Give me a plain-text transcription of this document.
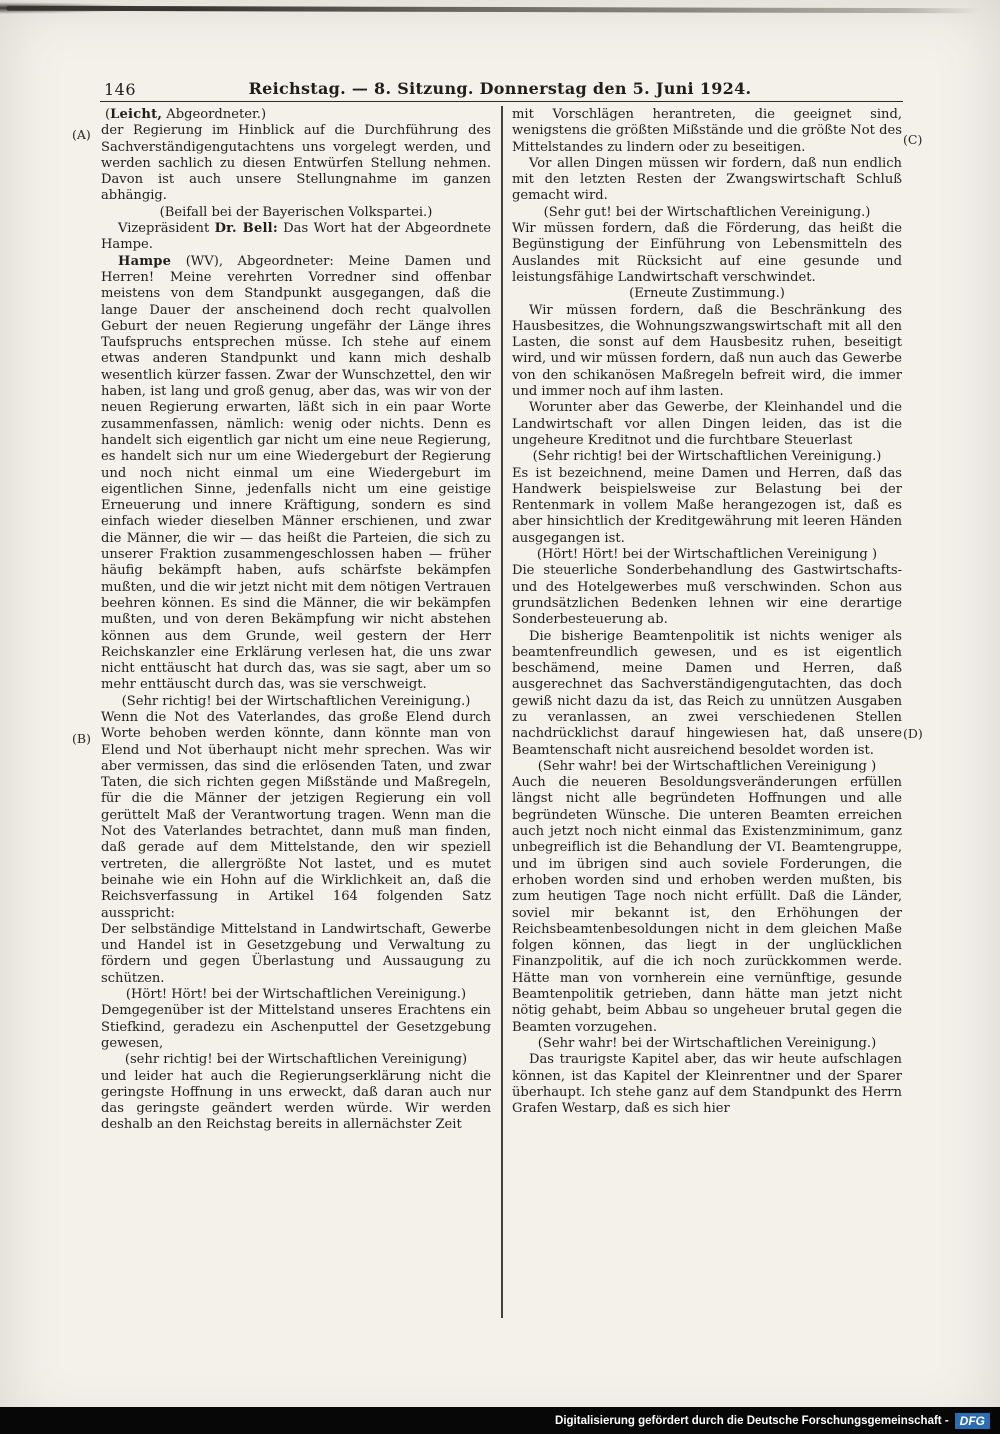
146	Reichstag. — 8. Sitzung. Donnerstag den 5. Juni 1924.
(A)
(B)
(C)
(D)

(Leicht, Abgeordneter.)

der Regierung im Hinblick auf die Durchführung des Sachverständigengutachtens uns vorgelegt werden, und werden sachlich zu diesen Entwürfen Stellung nehmen. Davon ist auch unsere Stellungnahme im ganzen abhängig.

(Beifall bei der Bayerischen Volkspartei.)

Vizepräsident Dr. Bell: Das Wort hat der Abgeordnete Hampe.

Hampe (WV), Abgeordneter: Meine Damen und Herren! Meine verehrten Vorredner sind offenbar meistens von dem Standpunkt ausgegangen, daß die lange Dauer der anscheinend doch recht qualvollen Geburt der neuen Regierung ungefähr der Länge ihres Taufspruchs entsprechen müsse. Ich stehe auf einem etwas anderen Standpunkt und kann mich deshalb wesentlich kürzer fassen. Zwar der Wunschzettel, den wir haben, ist lang und groß genug, aber das, was wir von der neuen Regierung erwarten, läßt sich in ein paar Worte zusammenfassen, nämlich: wenig oder nichts. Denn es handelt sich eigentlich gar nicht um eine neue Regierung, es handelt sich nur um eine Wiedergeburt der Regierung und noch nicht einmal um eine Wiedergeburt im eigentlichen Sinne, jedenfalls nicht um eine geistige Erneuerung und innere Kräftigung, sondern es sind einfach wieder dieselben Männer erschienen, und zwar die Männer, die wir — das heißt die Parteien, die sich zu unserer Fraktion zusammengeschlossen haben — früher häufig bekämpft haben, aufs schärfste bekämpfen mußten, und die wir jetzt nicht mit dem nötigen Vertrauen beehren können. Es sind die Männer, die wir bekämpfen mußten, und von deren Bekämpfung wir nicht abstehen können aus dem Grunde, weil gestern der Herr Reichskanzler eine Erklärung verlesen hat, die uns zwar nicht enttäuscht hat durch das, was sie sagt, aber um so mehr enttäuscht durch das, was sie verschweigt.

(Sehr richtig! bei der Wirtschaftlichen Vereinigung.)

Wenn die Not des Vaterlandes, das große Elend durch Worte behoben werden könnte, dann könnte man von Elend und Not überhaupt nicht mehr sprechen. Was wir aber vermissen, das sind die erlösenden Taten, und zwar Taten, die sich richten gegen Mißstände und Maßregeln, für die die Männer der jetzigen Regierung ein voll gerüttelt Maß der Verantwortung tragen. Wenn man die Not des Vaterlandes betrachtet, dann muß man finden, daß gerade auf dem Mittelstande, den wir speziell vertreten, die allergrößte Not lastet, und es mutet beinahe wie ein Hohn auf die Wirklichkeit an, daß die Reichsverfassung in Artikel 164 folgenden Satz ausspricht:

Der selbständige Mittelstand in Landwirtschaft, Gewerbe und Handel ist in Gesetzgebung und Verwaltung zu fördern und gegen Überlastung und Aussaugung zu schützen.

(Hört! Hört! bei der Wirtschaftlichen Vereinigung.)

Demgegenüber ist der Mittelstand unseres Erachtens ein Stiefkind, geradezu ein Aschenputtel der Gesetzgebung gewesen,

(sehr richtig! bei der Wirtschaftlichen Vereinigung)

und leider hat auch die Regierungserklärung nicht die geringste Hoffnung in uns erweckt, daß daran auch nur das geringste geändert werden würde. Wir werden deshalb an den Reichstag bereits in allernächster Zeit

mit Vorschlägen herantreten, die geeignet sind, wenigstens die größten Mißstände und die größte Not des Mittelstandes zu lindern oder zu beseitigen.

Vor allen Dingen müssen wir fordern, daß nun endlich mit den letzten Resten der Zwangswirtschaft Schluß gemacht wird.

(Sehr gut! bei der Wirtschaftlichen Vereinigung.)

Wir müssen fordern, daß die Förderung, das heißt die Begünstigung der Einführung von Lebensmitteln des Auslandes mit Rücksicht auf eine gesunde und leistungsfähige Landwirtschaft verschwindet.

(Erneute Zustimmung.)

Wir müssen fordern, daß die Beschränkung des Hausbesitzes, die Wohnungszwangswirtschaft mit all den Lasten, die sonst auf dem Hausbesitz ruhen, beseitigt wird, und wir müssen fordern, daß nun auch das Gewerbe von den schikanösen Maßregeln befreit wird, die immer und immer noch auf ihm lasten.

Worunter aber das Gewerbe, der Kleinhandel und die Landwirtschaft vor allen Dingen leiden, das ist die ungeheure Kreditnot und die furchtbare Steuerlast

(Sehr richtig! bei der Wirtschaftlichen Vereinigung.)

Es ist bezeichnend, meine Damen und Herren, daß das Handwerk beispielsweise zur Belastung bei der Rentenmark in vollem Maße herangezogen ist, daß es aber hinsichtlich der Kreditgewährung mit leeren Händen ausgegangen ist.

(Hört! Hört! bei der Wirtschaftlichen Vereinigung )

Die steuerliche Sonderbehandlung des Gastwirtschafts- und des Hotelgewerbes muß verschwinden. Schon aus grundsätzlichen Bedenken lehnen wir eine derartige Sonderbesteuerung ab.

Die bisherige Beamtenpolitik ist nichts weniger als beamtenfreundlich gewesen, und es ist eigentlich beschämend, meine Damen und Herren, daß ausgerechnet das Sachverständigengutachten, das doch gewiß nicht dazu da ist, das Reich zu unnützen Ausgaben zu veranlassen, an zwei verschiedenen Stellen nachdrücklichst darauf hingewiesen hat, daß unsere Beamtenschaft nicht ausreichend besoldet worden ist.

(Sehr wahr! bei der Wirtschaftlichen Vereinigung )

Auch die neueren Besoldungsveränderungen erfüllen längst nicht alle begründeten Hoffnungen und alle begründeten Wünsche. Die unteren Beamten erreichen auch jetzt noch nicht einmal das Existenzminimum, ganz unbegreiflich ist die Behandlung der VI. Beamtengruppe, und im übrigen sind auch soviele Forderungen, die erhoben worden sind und erhoben werden mußten, bis zum heutigen Tage noch nicht erfüllt. Daß die Länder, soviel mir bekannt ist, den Erhöhungen der Reichsbeamtenbesoldungen nicht in dem gleichen Maße folgen können, das liegt in der unglücklichen Finanzpolitik, auf die ich noch zurückkommen werde. Hätte man von vornherein eine vernünftige, gesunde Beamtenpolitik getrieben, dann hätte man jetzt nicht nötig gehabt, beim Abbau so ungeheuer brutal gegen die Beamten vorzugehen.

(Sehr wahr! bei der Wirtschaftlichen Vereinigung.)

Das traurigste Kapitel aber, das wir heute aufschlagen können, ist das Kapitel der Kleinrentner und der Sparer überhaupt. Ich stehe ganz auf dem Standpunkt des Herrn Grafen Westarp, daß es sich hier

Digitalisierung gefördert durch die Deutsche Forschungsgemeinschaft - DFG
